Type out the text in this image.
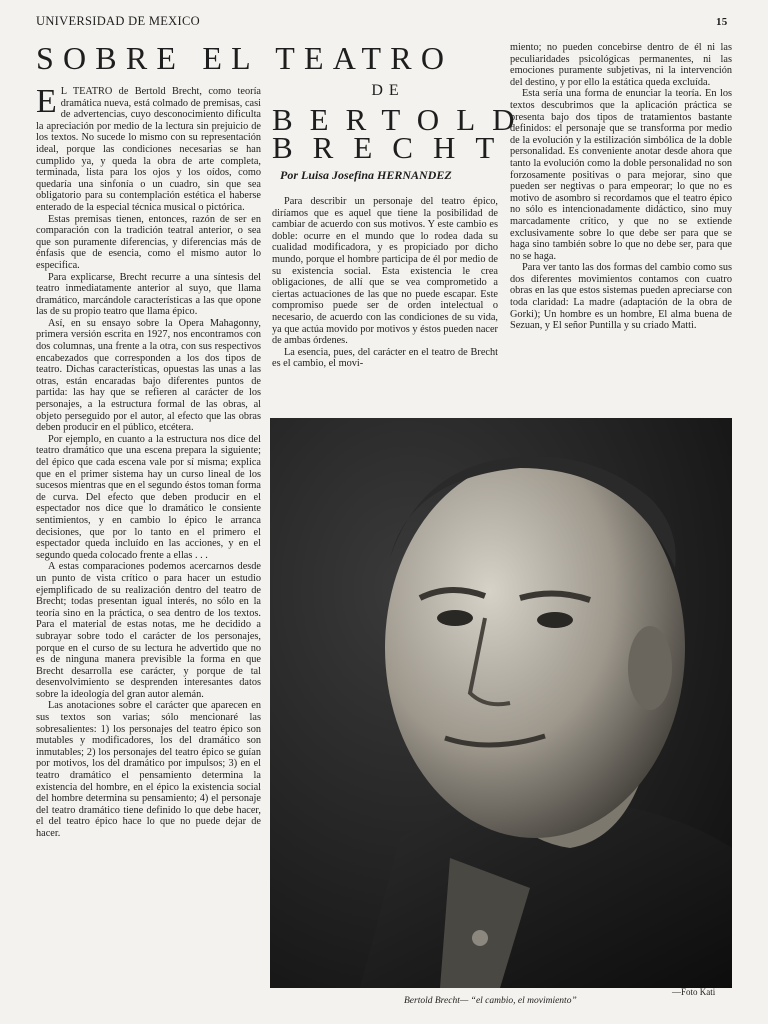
UNIVERSIDAD DE MEXICO	15
SOBRE EL TEATRO
DE
BERTOLD
BRECHT
Por Luisa Josefina HERNANDEZ
E L TEATRO de Bertold Brecht, como teoría dramática nueva, está colmado de premisas, casi de advertencias, cuyo desconocimiento dificulta la apreciación por medio de la lectura sin prejuicio de los textos. No sucede lo mismo con su representación ideal, porque las condiciones necesarias se han cumplido ya, y queda la obra de arte completa, terminada, lista para los ojos y los oídos, como quedaría una sinfonía o un cuadro, sin que sea obligatorio para su contemplación estética el haberse enterado de la especial técnica musical o pictórica.

Estas premisas tienen, entonces, razón de ser en comparación con la tradición teatral anterior, o sea que son puramente diferencias, y diferencias más de énfasis que de esencia, como el mismo autor lo especifica.

Para explicarse, Brecht recurre a una síntesis del teatro inmediatamente anterior al suyo, que llama dramático, marcándole características a las que opone las de su propio teatro que llama épico.

Así, en su ensayo sobre la Opera Mahagonny, primera versión escrita en 1927, nos encontramos con dos columnas, una frente a la otra, con sus respectivos encabezados que corresponden a los dos tipos de teatro. Dichas características, opuestas las unas a las otras, están encaradas bajo diferentes puntos de partida: las hay que se refieren al carácter de los personajes, a la estructura formal de las obras, al objeto perseguido por el autor, al efecto que las obras deben producir en el público, etcétera.

Por ejemplo, en cuanto a la estructura nos dice del teatro dramático que una escena prepara la siguiente; del épico que cada escena vale por sí misma; explica que en el primer sistema hay un curso lineal de los sucesos mientras que en el segundo éstos toman forma de curva. Del efecto que deben producir en el espectador nos dice que lo dramático le consiente sentimientos, y en cambio lo épico le arranca decisiones, que por lo tanto en el primero el espectador queda incluído en las acciones, y en el segundo queda colocado frente a ellas . . .

A estas comparaciones podemos acercarnos desde un punto de vista crítico o para hacer un estudio ejemplificado de su realización dentro del teatro de Brecht; todas presentan igual interés, no sólo en la teoría sino en la práctica, o sea dentro de los textos. Para el material de estas notas, me he decidido a subrayar sobre todo el carácter de los personajes, porque en el curso de su lectura he advertido que no es de ninguna manera previsible la forma en que Brecht desarrolla ese carácter, y porque de tal desenvolvimiento se desprenden interesantes datos sobre la ideología del gran autor alemán.

Las anotaciones sobre el carácter que aparecen en sus textos son varias; sólo mencionaré las sobresalientes: 1) los personajes del teatro épico son mutables y modificadores, los del dramático son inmutables; 2) los personajes del teatro épico se guían por motivos, los del dramático por impulsos; 3) en el teatro dramático el pensamiento determina la existencia del hombre, en el épico la existencia social del hombre determina su pensamiento; 4) el personaje del teatro dramático tiene definido lo que debe hacer, el del teatro épico hace lo que no puede dejar de hacer.

Para describir un personaje del teatro épico, diríamos que es aquel que tiene la posibilidad de cambiar de acuerdo con sus motivos. Y este cambio es doble: ocurre en el mundo que lo rodea dada su cualidad modificadora, y es propiciado por dicho mundo, porque el hombre participa de él por medio de su existencia social. Esta existencia le crea obligaciones, de allí que se vea comprometido a ciertas actuaciones de las que no puede escapar. Este compromiso puede ser de orden intelectual o necesario, de acuerdo con las condiciones de su vida, ya que actúa movido por motivos y éstos pueden nacer de ambas órdenes.

La esencia, pues, del carácter en el teatro de Brecht es el cambio, el movi-

miento; no pueden concebirse dentro de él ni las peculiaridades psicológicas permanentes, ni las emociones puramente subjetivas, ni la intervención del destino, y por ello la estática queda excluída.

Esta sería una forma de enunciar la teoría. En los textos descubrimos que la aplicación práctica se presenta bajo dos tipos de tratamientos bastante definidos: el personaje que se transforma por medio de la evolución y la estilización simbólica de la doble personalidad. Es conveniente anotar desde ahora que tanto la evolución como la doble personalidad no son forzosamente positivas o para mejorar, sino que pueden ser negtivas o para empeorar; lo que no es motivo de asombro si recordamos que el teatro épico no sólo es intencionadamente didáctico, sino muy marcadamente crítico, y que no se extiende exclusivamente sobre lo que debe ser para que se haga sino también sobre lo que no debe ser, para que no se haga.

Para ver tanto las dos formas del cambio como sus dos diferentes movimientos contamos con cuatro obras en las que estos sistemas pueden apreciarse con toda claridad: La madre (adaptación de la obra de Gorki); Un hombre es un hombre, El alma buena de Sezuan, y El señor Puntilla y su criado Matti.

Bertold Brecht— “el cambio, el movimiento”
—Foto Kati
